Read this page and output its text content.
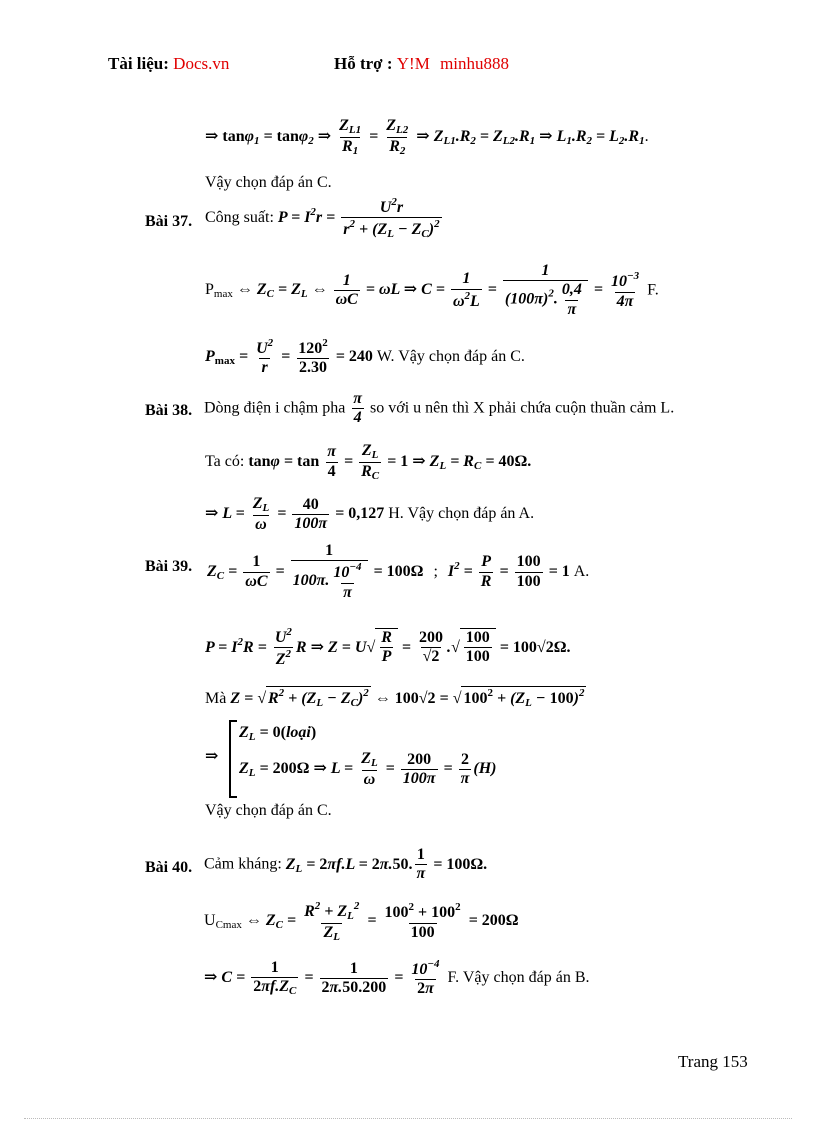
Tài liệu: Docs.vn	Hỗ trợ : Y!M minhu888
⇒ tanφ$_1$ = tanφ$_2$ ⇒ $\frac{Z_{L1}}{R_1} = \frac{Z_{L2}}{R_2}$ ⇒ $Z_{L1}.R_2 = Z_{L2}.R_1$ ⇒ $L_1.R_2 = L_2.R_1$.
Vậy chọn đáp án C.
Bài 37. Công suất: $P = I^2r = \frac{U^2r}{r^2 + (Z_L - Z_C)^2}$
$P_{max}$ ⇔ $Z_C = Z_L$ ⇔ $\frac{1}{\omega C} = \omega L$ ⇒ $C = \frac{1}{\omega^2L} = \frac{1}{(100\pi)^2. \frac{0,4}{\pi}} = \frac{10^{-3}}{4\pi} F$.
$P_{max} = \frac{U^2}{r} = \frac{120^2}{2.30} = 240$ W. Vậy chọn đáp án C.
Bài 38. Dòng điện i chậm pha $\frac{\pi}{4}$ so với u nên thì X phải chứa cuộn thuần cảm L.
Ta có: $\tan\varphi = \tan \frac{\pi}{4} = \frac{Z_L}{R_C} = 1$ ⇒ $Z_L = R_C = 40\Omega$.
⇒ $L = \frac{Z_L}{\omega} = \frac{40}{100\pi} = 0,127$ H. Vậy chọn đáp án A.
Bài 39. $Z_C = \frac{1}{\omega C} = \frac{1}{100\pi. \frac{10^{-4}}{\pi}} = 100\Omega$ ; $I^2 = \frac{P}{R} = \frac{100}{100} = 1$ A.
$P = I^2R = \frac{U^2}{Z^2}$ R ⇒ $Z = U√ \frac{R}{P} = \frac{200}{√2}$ .√ $\frac{100}{100} = 100√2\Omega$.
Mà Z = √ $R^2 + (Z_L - Z_C)^2$ ⇔ 100√2 = √ $100^2 + (Z_L - 100)^2$
⇒
$Z_L$ = 0(loại)
$Z_L = 200\Omega$ ⇒ $L = \frac{Z_L}{\omega} = \frac{200}{100\pi} = \frac{2}{\pi} (H)$
Vậy chọn đáp án C.
Bài 40. Cảm kháng: $Z_L = 2\pi f.L = 2\pi.50$. $\frac{1}{\pi} = 100\Omega$.
$U_{Cmax}$ ⇔ $Z_C = \frac{R^2 + Z_L^2}{Z_L} = \frac{100^2 + 100^2}{100} = 200\Omega$
⇒ $C = \frac{1}{2\pi f.Z_C} = \frac{1}{2\pi.50.200} = \frac{10^{-4}}{2\pi} F$. Vậy chọn đáp án B.
Trang 153
